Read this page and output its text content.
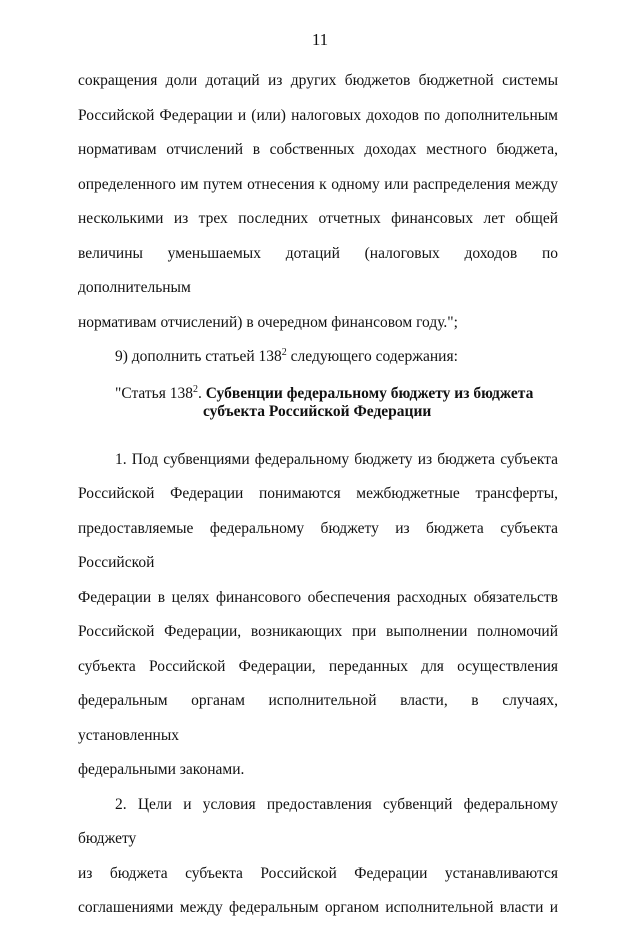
11

сокращения доли дотаций из других бюджетов бюджетной системы

Российской Федерации и (или) налоговых доходов по дополнительным

нормативам отчислений в собственных доходах местного бюджета,

определенного им путем отнесения к одному или распределения между

несколькими из трех последних отчетных финансовых лет общей

величины уменьшаемых дотаций (налоговых доходов по дополнительным

нормативам отчислений) в очередном финансовом году.";

9) дополнить статьей $138^2$ следующего содержания:

"Статья $138^2$. Субвенции федеральному бюджету из бюджета
субъекта Российской Федерации

1. Под субвенциями федеральному бюджету из бюджета субъекта

Российской Федерации понимаются межбюджетные трансферты,

предоставляемые федеральному бюджету из бюджета субъекта Российской

Федерации в целях финансового обеспечения расходных обязательств

Российской Федерации, возникающих при выполнении полномочий

субъекта Российской Федерации, переданных для осуществления

федеральным органам исполнительной власти, в случаях, установленных

федеральными законами.

2. Цели и условия предоставления субвенций федеральному бюджету

из бюджета субъекта Российской Федерации устанавливаются

соглашениями между федеральным органом исполнительной власти и
